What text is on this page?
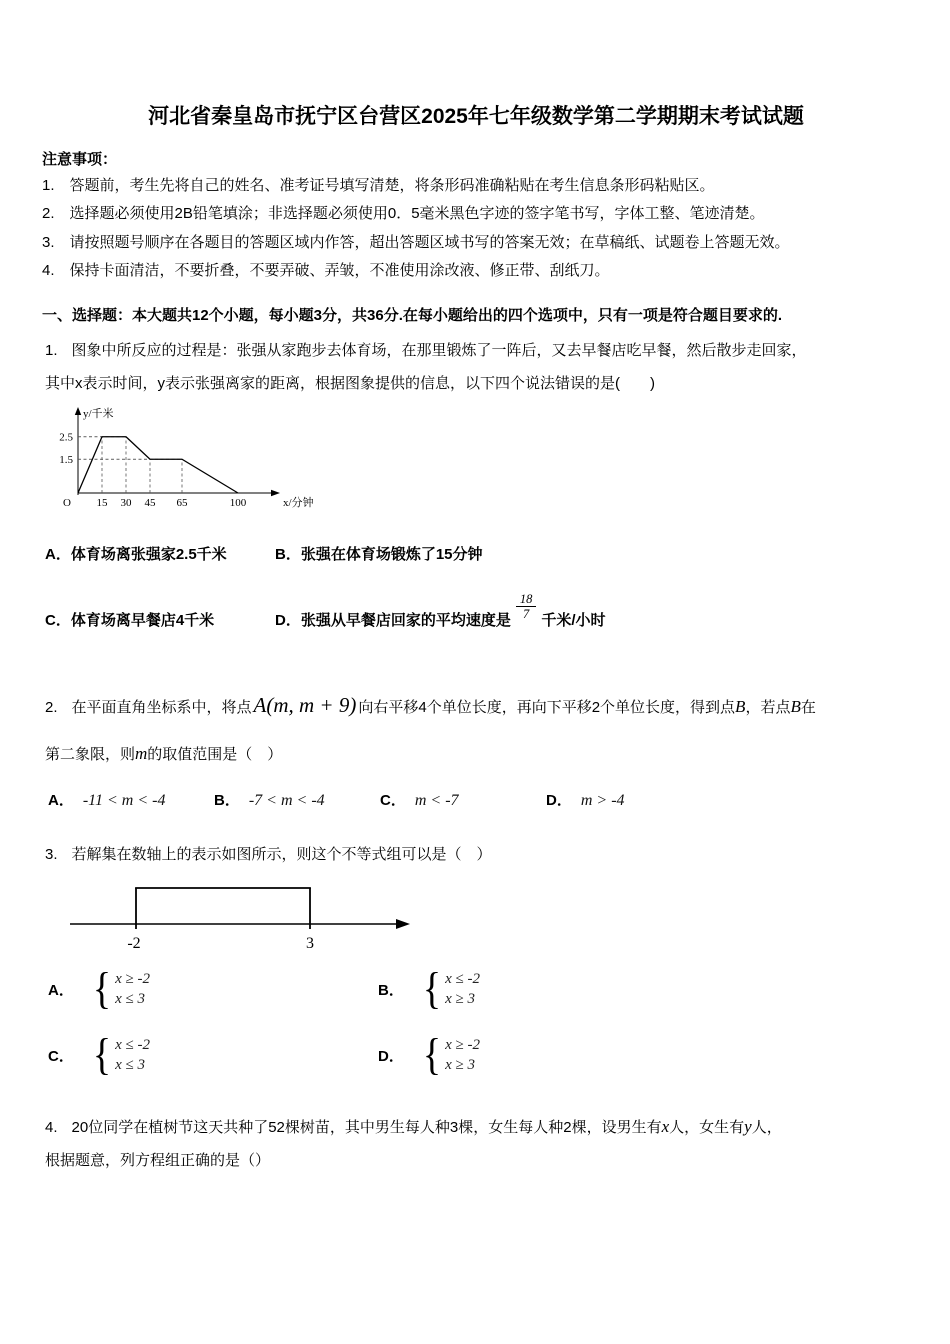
河北省秦皇岛市抚宁区台营区2025年七年级数学第二学期期末考试试题
注意事项：
1.　答题前，考生先将自己的姓名、准考证号填写清楚，将条形码准确粘贴在考生信息条形码粘贴区。
2.　选择题必须使用2B铅笔填涂；非选择题必须使用0．5毫米黑色字迹的签字笔书写，字体工整、笔迹清楚。
3.　请按照题号顺序在各题目的答题区域内作答，超出答题区域书写的答案无效；在草稿纸、试题卷上答题无效。
4.　保持卡面清洁，不要折叠，不要弄破、弄皱，不准使用涂改液、修正带、刮纸刀。
一、选择题：本大题共12个小题，每小题3分，共36分.在每小题给出的四个选项中，只有一项是符合题目要求的.
1. 图象中所反应的过程是：张强从家跑步去体育场，在那里锻炼了一阵后，又去早餐店吃早餐，然后散步走回家，
其中x表示时间，y表示张强离家的距离，根据图象提供的信息，以下四个说法错误的是(　　)
15 30 45 65	100
2.5
1.5
y/千米
x/分钟
O
A．体育场离张强家2.5千米	B．张强在体育场锻炼了15分钟
C．体育场离早餐店4千米	D．张强从早餐店回家的平均速度是 $\frac{18}{7}$ 千米/小时
2. 在平面直角坐标系中，将点A(m, m + 9) 向右平移4个单位长度，再向下平移2个单位长度，得到点B，若点B在
第二象限，则m的取值范围是（　）
A． -11 < m < -4	B． -7 < m < -4	C． m < -7	D． m > -4
3. 若解集在数轴上的表示如图所示，则这个不等式组可以是（　）
-2	3
A． { x ≥ -2
x ≤ 3	B． { x ≤ -2
x ≥ 3
C． { x ≤ -2
x ≤ 3	D． { x ≥ -2
x ≥ 3
4. 20位同学在植树节这天共种了52棵树苗，其中男生每人种3棵，女生每人种2棵，设男生有x人，女生有y人，
根据题意，列方程组正确的是（）
